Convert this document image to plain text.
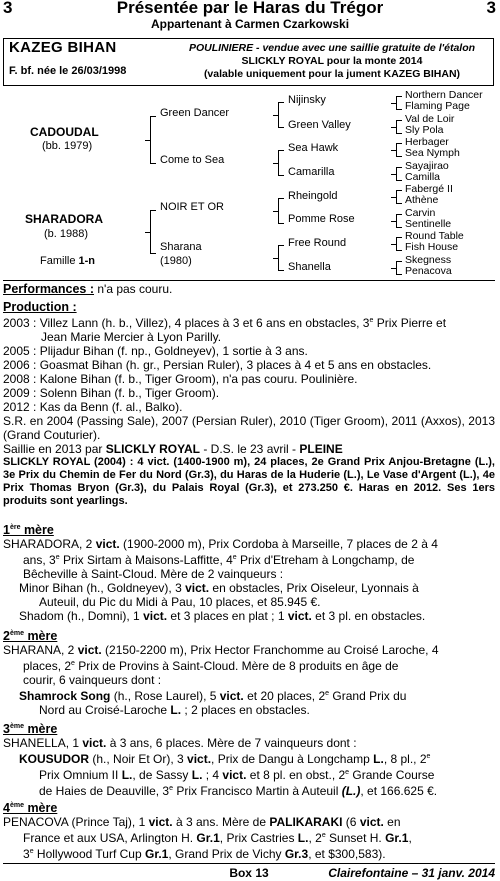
3	Présentée par le Haras du Trégor	3
Appartenant à Carmen Czarkowski
KAZEG BIHAN
F. bf. née le 26/03/1998
POULINIERE - vendue avec une saillie gratuite de l'étalon
SLICKLY ROYAL pour la monte 2014
(valable uniquement pour la jument KAZEG BIHAN)
CADOUDAL
(bb. 1979)
SHARADORA
(b. 1988)
Famille 1-n
Green Dancer
Come to Sea
NOIR ET OR
Sharana
(1980)
Nijinsky
Green Valley
Sea Hawk
Camarilla
Rheingold
Pomme Rose
Free Round
Shanella
Northern Dancer
Flaming Page
Val de Loir
Sly Pola
Herbager
Sea Nymph
Sayajirao
Camilla
Fabergé II
Athène
Carvin
Sentinelle
Round Table
Fish House
Skegness
Penacova
Performances : n'a pas couru.

Production :

2003 : Villez Lann (h. b., Villez), 4 places à 3 et 6 ans en obstacles, 3e Prix Pierre et

Jean Marie Mercier à Lyon Parilly.

2005 : Plijadur Bihan (f. np., Goldneyev), 1 sortie à 3 ans.

2006 : Goasmat Bihan (h. gr., Persian Ruler), 3 places à 4 et 5 ans en obstacles.

2008 : Kalone Bihan (f. b., Tiger Groom), n'a pas couru. Poulinière.

2009 : Solenn Bihan (f. b., Tiger Groom).

2012 : Kas da Benn (f. al., Balko).

S.R. en 2004 (Passing Sale), 2007 (Persian Ruler), 2010 (Tiger Groom), 2011 (Axxos), 2013 (Grand Couturier).

Saillie en 2013 par SLICKLY ROYAL - D.S. le 23 avril - PLEINE

SLICKLY ROYAL (2004) : 4 vict. (1400-1900 m), 24 places, 2e Grand Prix Anjou-Bretagne (L.), 3e Prix du Chemin de Fer du Nord (Gr.3), du Haras de la Huderie (L.), Le Vase d'Argent (L.), 4e Prix Thomas Bryon (Gr.3), du Palais Royal (Gr.3), et 273.250 €. Haras en 2012. Ses 1ers produits sont yearlings.

1ère mère

SHARADORA, 2 vict. (1900-2000 m), Prix Cordoba à Marseille, 7 places de 2 à 4

ans, 3e Prix Sirtam à Maisons-Laffitte, 4e Prix d'Etreham à Longchamp, de

Bêcheville à Saint-Cloud. Mère de 2 vainqueurs :

Minor Bihan (h., Goldneyev), 3 vict. en obstacles, Prix Oiseleur, Lyonnais à

Auteuil, du Pic du Midi à Pau, 10 places, et 85.945 €.

Shadom (h., Domni), 1 vict. et 3 places en plat ; 1 vict. et 3 pl. en obstacles.

2ème mère

SHARANA, 2 vict. (2150-2200 m), Prix Hector Franchomme au Croisé Laroche, 4

places, 2e Prix de Provins à Saint-Cloud. Mère de 8 produits en âge de

courir, 6 vainqueurs dont :

Shamrock Song (h., Rose Laurel), 5 vict. et 20 places, 2e Grand Prix du

Nord au Croisé-Laroche L. ; 2 places en obstacles.

3ème mère

SHANELLA, 1 vict. à 3 ans, 6 places. Mère de 7 vainqueurs dont :

KOUSUDOR (h., Noir Et Or), 3 vict., Prix de Dangu à Longchamp L., 8 pl., 2e

Prix Omnium II L., de Sassy L. ; 4 vict. et 8 pl. en obst., 2e Grande Course

de Haies de Deauville, 3e Prix Francisco Martin à Auteuil (L.), et 166.625 €.

4ème mère

PENACOVA (Prince Taj), 1 vict. à 3 ans. Mère de PALIKARAKI (6 vict. en

France et aux USA, Arlington H. Gr.1, Prix Castries L., 2e Sunset H. Gr.1,

3e Hollywood Turf Cup Gr.1, Grand Prix de Vichy Gr.3, et $300,583).

Box 13	Clairefontaine – 31 janv. 2014
